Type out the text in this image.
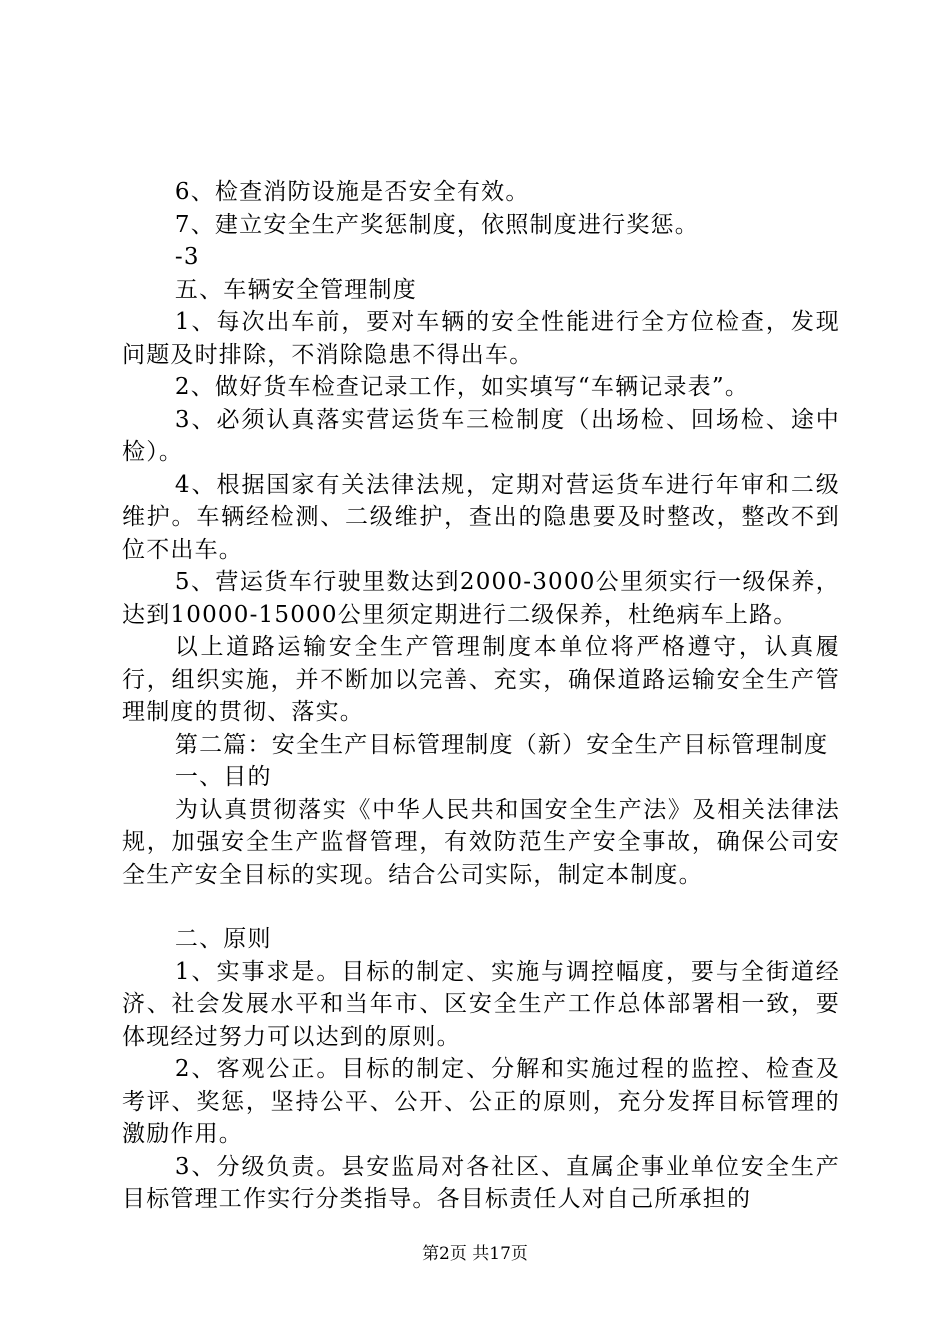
6、检查消防设施是否安全有效。

7、建立安全生产奖惩制度，依照制度进行奖惩。

-3

五、车辆安全管理制度

1、每次出车前，要对车辆的安全性能进行全方位检查，发现问题及时排除，不消除隐患不得出车。

2、做好货车检查记录工作，如实填写“车辆记录表”。

3、必须认真落实营运货车三检制度（出场检、回场检、途中检）。

4、根据国家有关法律法规，定期对营运货车进行年审和二级维护。车辆经检测、二级维护，查出的隐患要及时整改，整改不到位不出车。

5、营运货车行驶里数达到2000-3000公里须实行一级保养，达到10000-15000公里须定期进行二级保养，杜绝病车上路。

以上道路运输安全生产管理制度本单位将严格遵守，认真履行，组织实施，并不断加以完善、充实，确保道路运输安全生产管理制度的贯彻、落实。

第二篇：安全生产目标管理制度（新）安全生产目标管理制度

一、目的

为认真贯彻落实《中华人民共和国安全生产法》及相关法律法规，加强安全生产监督管理，有效防范生产安全事故，确保公司安全生产安全目标的实现。结合公司实际，制定本制度。

二、原则

1、实事求是。目标的制定、实施与调控幅度，要与全街道经济、社会发展水平和当年市、区安全生产工作总体部署相一致，要体现经过努力可以达到的原则。

2、客观公正。目标的制定、分解和实施过程的监控、检查及考评、奖惩，坚持公平、公开、公正的原则，充分发挥目标管理的激励作用。

3、分级负责。县安监局对各社区、直属企事业单位安全生产目标管理工作实行分类指导。各目标责任人对自己所承担的

第2页 共17页
